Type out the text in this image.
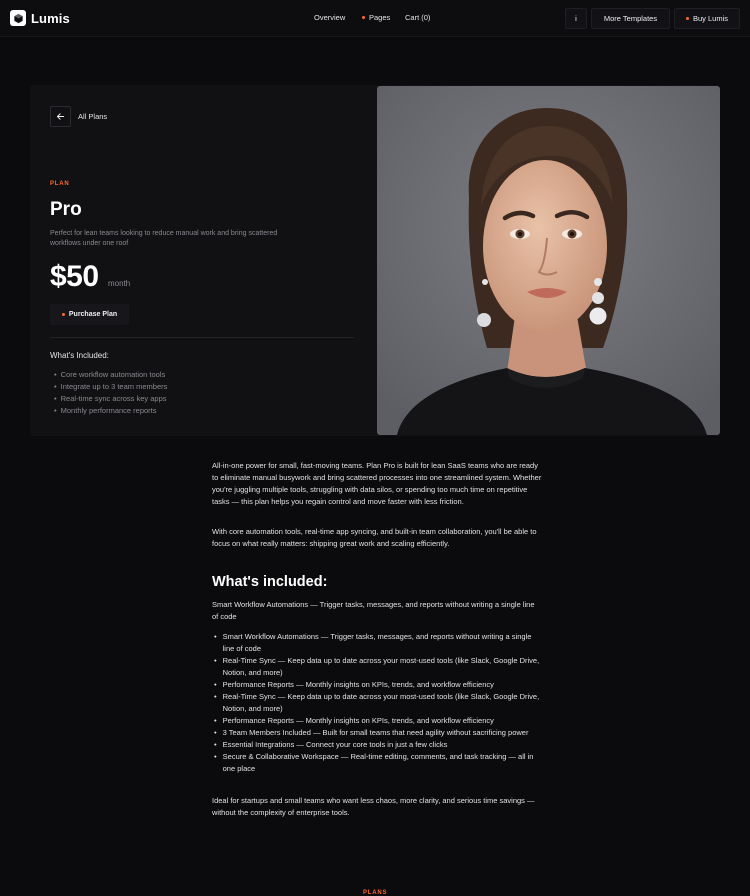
Lumis	Overview	Pages Cart (0)	i	More Templates	Buy Lumis
All Plans
PLAN
Pro
Perfect for lean teams looking to reduce manual work and bring scattered workflows under one roof
$50 month
Purchase Plan
What's Included:
• Core workflow automation tools
• Integrate up to 3 team members
• Real-time sync across key apps
• Monthly performance reports
All-in-one power for small, fast-moving teams. Plan Pro is built for lean SaaS teams who are ready to eliminate manual busywork and bring scattered processes into one streamlined system. Whether you're juggling multiple tools, struggling with data silos, or spending too much time on repetitive tasks — this plan helps you regain control and move faster with less friction.
With core automation tools, real-time app syncing, and built-in team collaboration, you'll be able to focus on what really matters: shipping great work and scaling efficiently.
What's included:
Smart Workflow Automations — Trigger tasks, messages, and reports without writing a single line of code
• Smart Workflow Automations — Trigger tasks, messages, and reports without writing a single line of code
• Real-Time Sync — Keep data up to date across your most-used tools (like Slack, Google Drive, Notion, and more)
• Performance Reports — Monthly insights on KPIs, trends, and workflow efficiency
• Real-Time Sync — Keep data up to date across your most-used tools (like Slack, Google Drive, Notion, and more)
• Performance Reports — Monthly insights on KPIs, trends, and workflow efficiency
• 3 Team Members Included — Built for small teams that need agility without sacrificing power
• Essential Integrations — Connect your core tools in just a few clicks
• Secure & Collaborative Workspace — Real-time editing, comments, and task tracking — all in one place
Ideal for startups and small teams who want less chaos, more clarity, and serious time savings — without the complexity of enterprise tools.
PLANS
